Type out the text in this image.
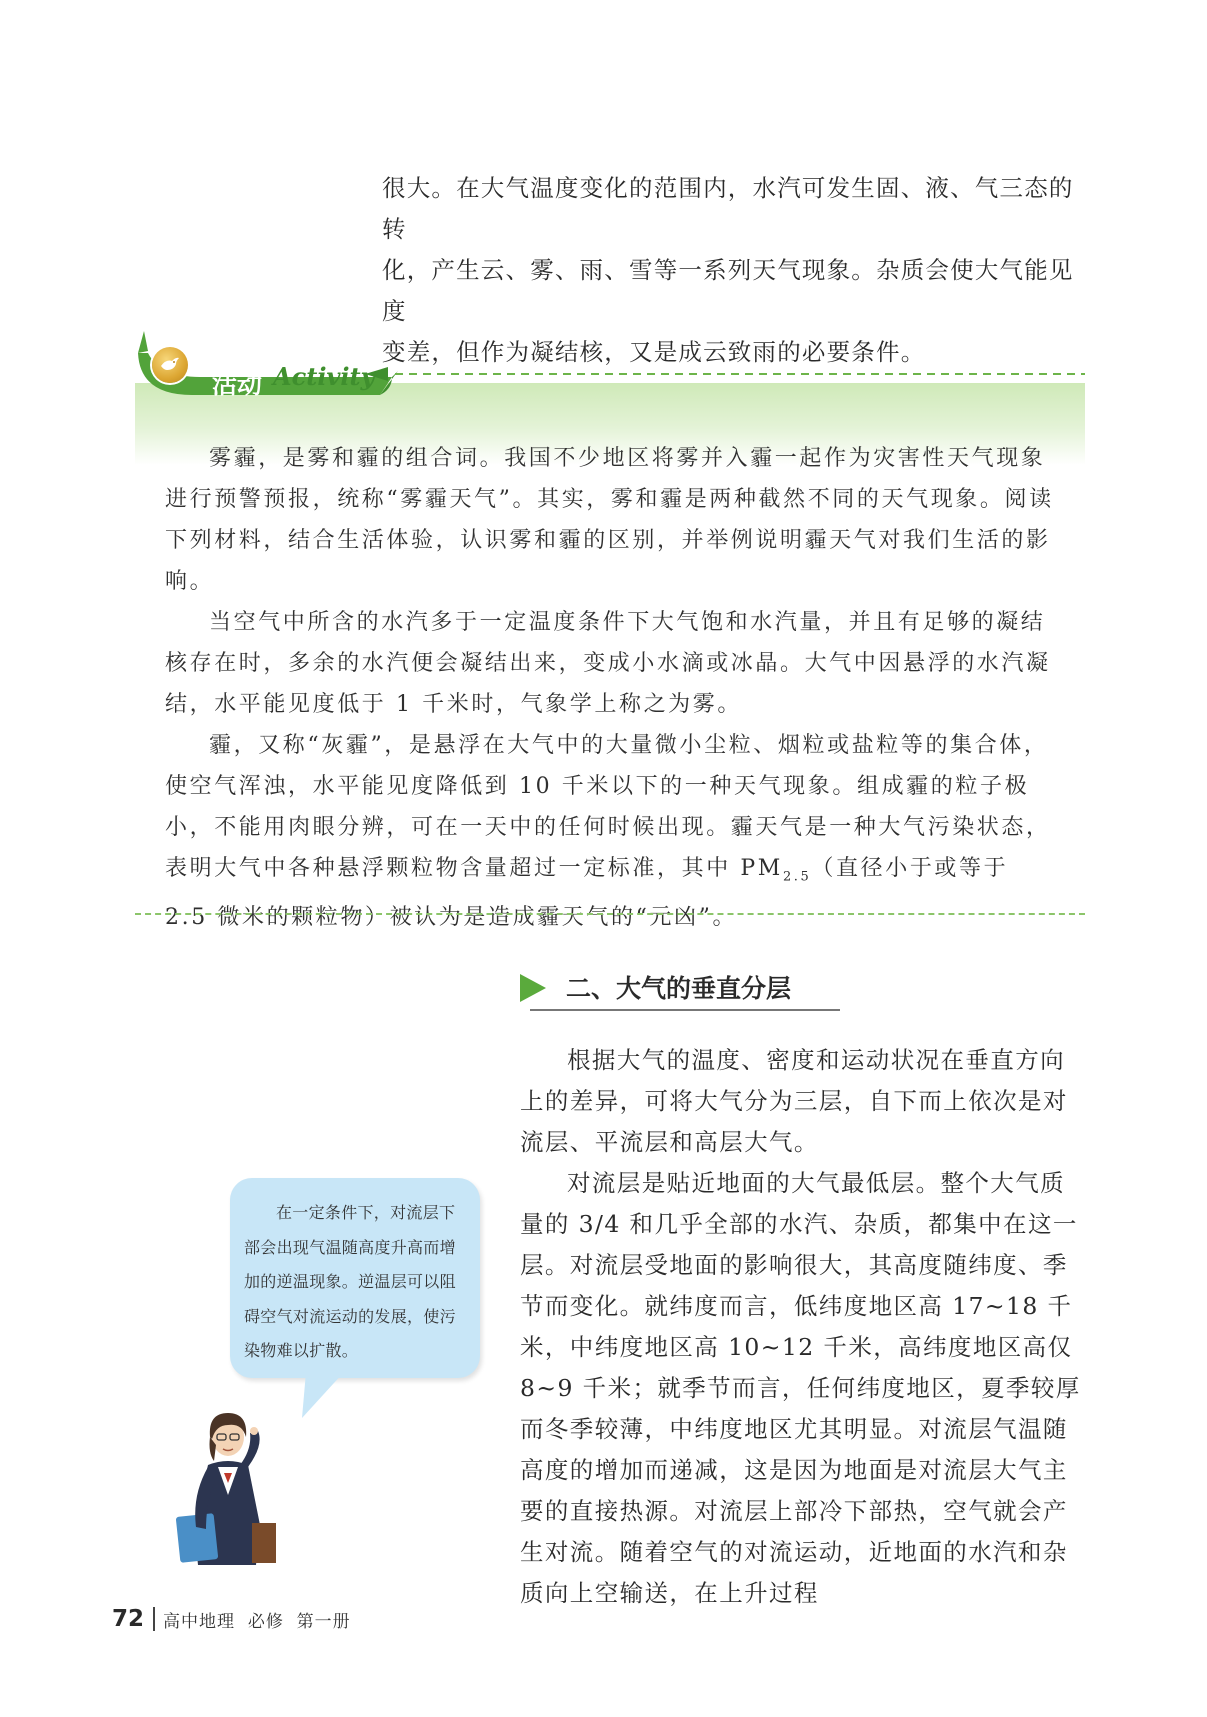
很大。在大气温度变化的范围内，水汽可发生固、液、气三态的转

化，产生云、雾、雨、雪等一系列天气现象。杂质会使大气能见度

变差，但作为凝结核，又是成云致雨的必要条件。

活动 Activity

雾霾，是雾和霾的组合词。我国不少地区将雾并入霾一起作为灾害性天气现象进行预警预报，统称“雾霾天气”。其实，雾和霾是两种截然不同的天气现象。阅读下列材料，结合生活体验，认识雾和霾的区别，并举例说明霾天气对我们生活的影响。

当空气中所含的水汽多于一定温度条件下大气饱和水汽量，并且有足够的凝结核存在时，多余的水汽便会凝结出来，变成小水滴或冰晶。大气中因悬浮的水汽凝结，水平能见度低于 1 千米时，气象学上称之为雾。

霾，又称“灰霾”，是悬浮在大气中的大量微小尘粒、烟粒或盐粒等的集合体，使空气浑浊，水平能见度降低到 10 千米以下的一种天气现象。组成霾的粒子极小，不能用肉眼分辨，可在一天中的任何时候出现。霾天气是一种大气污染状态，表明大气中各种悬浮颗粒物含量超过一定标准，其中 $PM_{2.5}$（直径小于或等于 2.5 微米的颗粒物）被认为是造成霾天气的“元凶”。

二、大气的垂直分层

根据大气的温度、密度和运动状况在垂直方向上的差异，可将大气分为三层，自下而上依次是对流层、平流层和高层大气。

对流层是贴近地面的大气最低层。整个大气质量的 3/4 和几乎全部的水汽、杂质，都集中在这一层。对流层受地面的影响很大，其高度随纬度、季节而变化。就纬度而言，低纬度地区高 17~18 千米，中纬度地区高 10~12 千米，高纬度地区高仅 8~9 千米；就季节而言，任何纬度地区，夏季较厚而冬季较薄，中纬度地区尤其明显。对流层气温随高度的增加而递减，这是因为地面是对流层大气主要的直接热源。对流层上部冷下部热，空气就会产生对流。随着空气的对流运动，近地面的水汽和杂质向上空输送，在上升过程

在一定条件下，对流层下部会出现气温随高度升高而增加的逆温现象。逆温层可以阻碍空气对流运动的发展，使污染物难以扩散。
72 高中地理  必修  第一册
